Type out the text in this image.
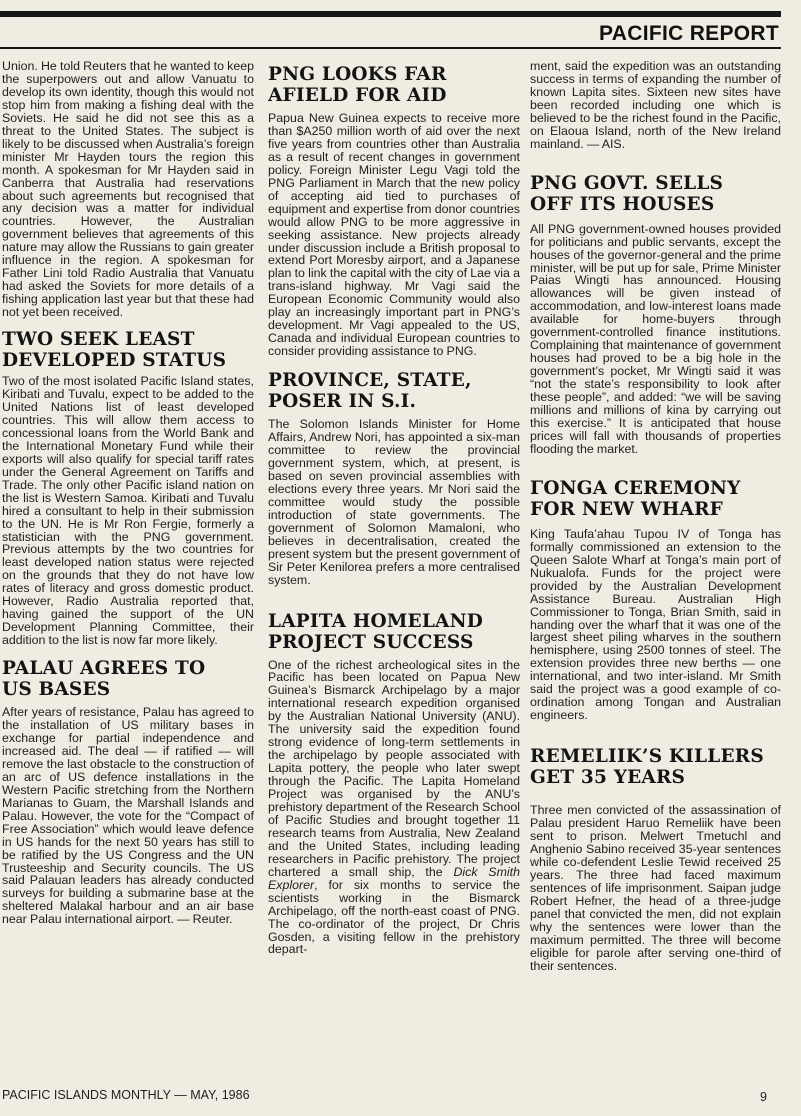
PACIFIC REPORT

Union. He told Reuters that he wanted to keep the superpowers out and allow Vanuatu to develop its own identity, though this would not stop him from making a fishing deal with the Soviets. He said he did not see this as a threat to the United States. The subject is likely to be discussed when Australia’s foreign minister Mr Hayden tours the region this month. A spokesman for Mr Hayden said in Canberra that Australia had reservations about such agreements but recognised that any decision was a matter for individual countries. However, the Australian government believes that agreements of this nature may allow the Russians to gain greater influence in the region. A spokesman for Father Lini told Radio Australia that Vanuatu had asked the Soviets for more details of a fishing application last year but that these had not yet been received.

TWO SEEK LEAST
DEVELOPED STATUS

Two of the most isolated Pacific Island states, Kiribati and Tuvalu, expect to be added to the United Nations list of least developed countries. This will allow them access to concessional loans from the World Bank and the International Monetary Fund while their exports will also qualify for special tariff rates under the General Agreement on Tariffs and Trade. The only other Pacific island nation on the list is Western Samoa. Kiribati and Tuvalu hired a consultant to help in their submission to the UN. He is Mr Ron Fergie, formerly a statistician with the PNG government. Previous attempts by the two countries for least developed nation status were rejected on the grounds that they do not have low rates of literacy and gross domestic product. However, Radio Australia reported that, having gained the support of the UN Development Planning Committee, their addition to the list is now far more likely.

PALAU AGREES TO
US BASES

After years of resistance, Palau has agreed to the installation of US military bases in exchange for partial independence and increased aid. The deal — if ratified — will remove the last obstacle to the construction of an arc of US defence installations in the Western Pacific stretching from the Northern Marianas to Guam, the Marshall Islands and Palau. However, the vote for the “Compact of Free Association” which would leave defence in US hands for the next 50 years has still to be ratified by the US Congress and the UN Trusteeship and Security councils. The US said Palauan leaders has already conducted surveys for building a submarine base at the sheltered Malakal harbour and an air base near Palau international airport. — Reuter.

PNG LOOKS FAR
AFIELD FOR AID

Papua New Guinea expects to receive more than $A250 million worth of aid over the next five years from countries other than Australia as a result of recent changes in government policy. Foreign Minister Legu Vagi told the PNG Parliament in March that the new policy of accepting aid tied to purchases of equipment and expertise from donor countries would allow PNG to be more aggressive in seeking assistance. New projects already under discussion include a British proposal to extend Port Moresby airport, and a Japanese plan to link the capital with the city of Lae via a trans-island highway. Mr Vagi said the European Economic Community would also play an increasingly important part in PNG’s development. Mr Vagi appealed to the US, Canada and individual European countries to consider providing assistance to PNG.

PROVINCE, STATE,
POSER IN S.I.

The Solomon Islands Minister for Home Affairs, Andrew Nori, has appointed a six-man committee to review the provincial government system, which, at present, is based on seven provincial assemblies with elections every three years. Mr Nori said the committee would study the possible introduction of state governments. The government of Solomon Mamaloni, who believes in decentralisation, created the present system but the present government of Sir Peter Kenilorea prefers a more centralised system.

LAPITA HOMELAND
PROJECT SUCCESS

One of the richest archeological sites in the Pacific has been located on Papua New Guinea’s Bismarck Archipelago by a major international research expedition organised by the Australian National University (ANU). The university said the expedition found strong evidence of long-term settlements in the archipelago by people associated with Lapita pottery, the people who later swept through the Pacific. The Lapita Homeland Project was organised by the ANU’s prehistory department of the Research School of Pacific Studies and brought together 11 research teams from Australia, New Zealand and the United States, including leading researchers in Pacific prehistory. The project chartered a small ship, the Dick Smith Explorer, for six months to service the scientists working in the Bismarck Archipelago, off the north-east coast of PNG. The co-ordinator of the project, Dr Chris Gosden, a visiting fellow in the prehistory depart-

ment, said the expedition was an outstanding success in terms of expanding the number of known Lapita sites. Sixteen new sites have been recorded including one which is believed to be the richest found in the Pacific, on Elaoua Island, north of the New Ireland mainland. — AIS.

PNG GOVT. SELLS
OFF ITS HOUSES

All PNG government-owned houses provided for politicians and public servants, except the houses of the governor-general and the prime minister, will be put up for sale, Prime Minister Paias Wingti has announced. Housing allowances will be given instead of accommodation, and low-interest loans made available for home-buyers through government-controlled finance institutions. Complaining that maintenance of government houses had proved to be a big hole in the government’s pocket, Mr Wingti said it was “not the state’s responsibility to look after these people”, and added: “we will be saving millions and millions of kina by carrying out this exercise.” It is anticipated that house prices will fall with thousands of properties flooding the market.

ΓONGA CEREMONY
FOR NEW WHARF

King Taufa’ahau Tupou IV of Tonga has formally commissioned an extension to the Queen Salote Wharf at Tonga’s main port of Nukualofa. Funds for the project were provided by the Australian Development Assistance Bureau. Australian High Commissioner to Tonga, Brian Smith, said in handing over the wharf that it was one of the largest sheet piling wharves in the southern hemisphere, using 2500 tonnes of steel. The extension provides three new berths — one international, and two inter-island. Mr Smith said the project was a good example of co-ordination among Tongan and Australian engineers.

REMELIIK’S KILLERS
GET 35 YEARS

Three men convicted of the assassination of Palau president Haruo Remeliik have been sent to prison. Melwert Tmetuchl and Anghenio Sabino received 35-year sentences while co-defendent Leslie Tewid received 25 years. The three had faced maximum sentences of life imprisonment. Saipan judge Robert Hefner, the head of a three-judge panel that convicted the men, did not explain why the sentences were lower than the maximum permitted. The three will become eligible for parole after serving one-third of their sentences.

PACIFIC ISLANDS MONTHLY — MAY, 1986	9
